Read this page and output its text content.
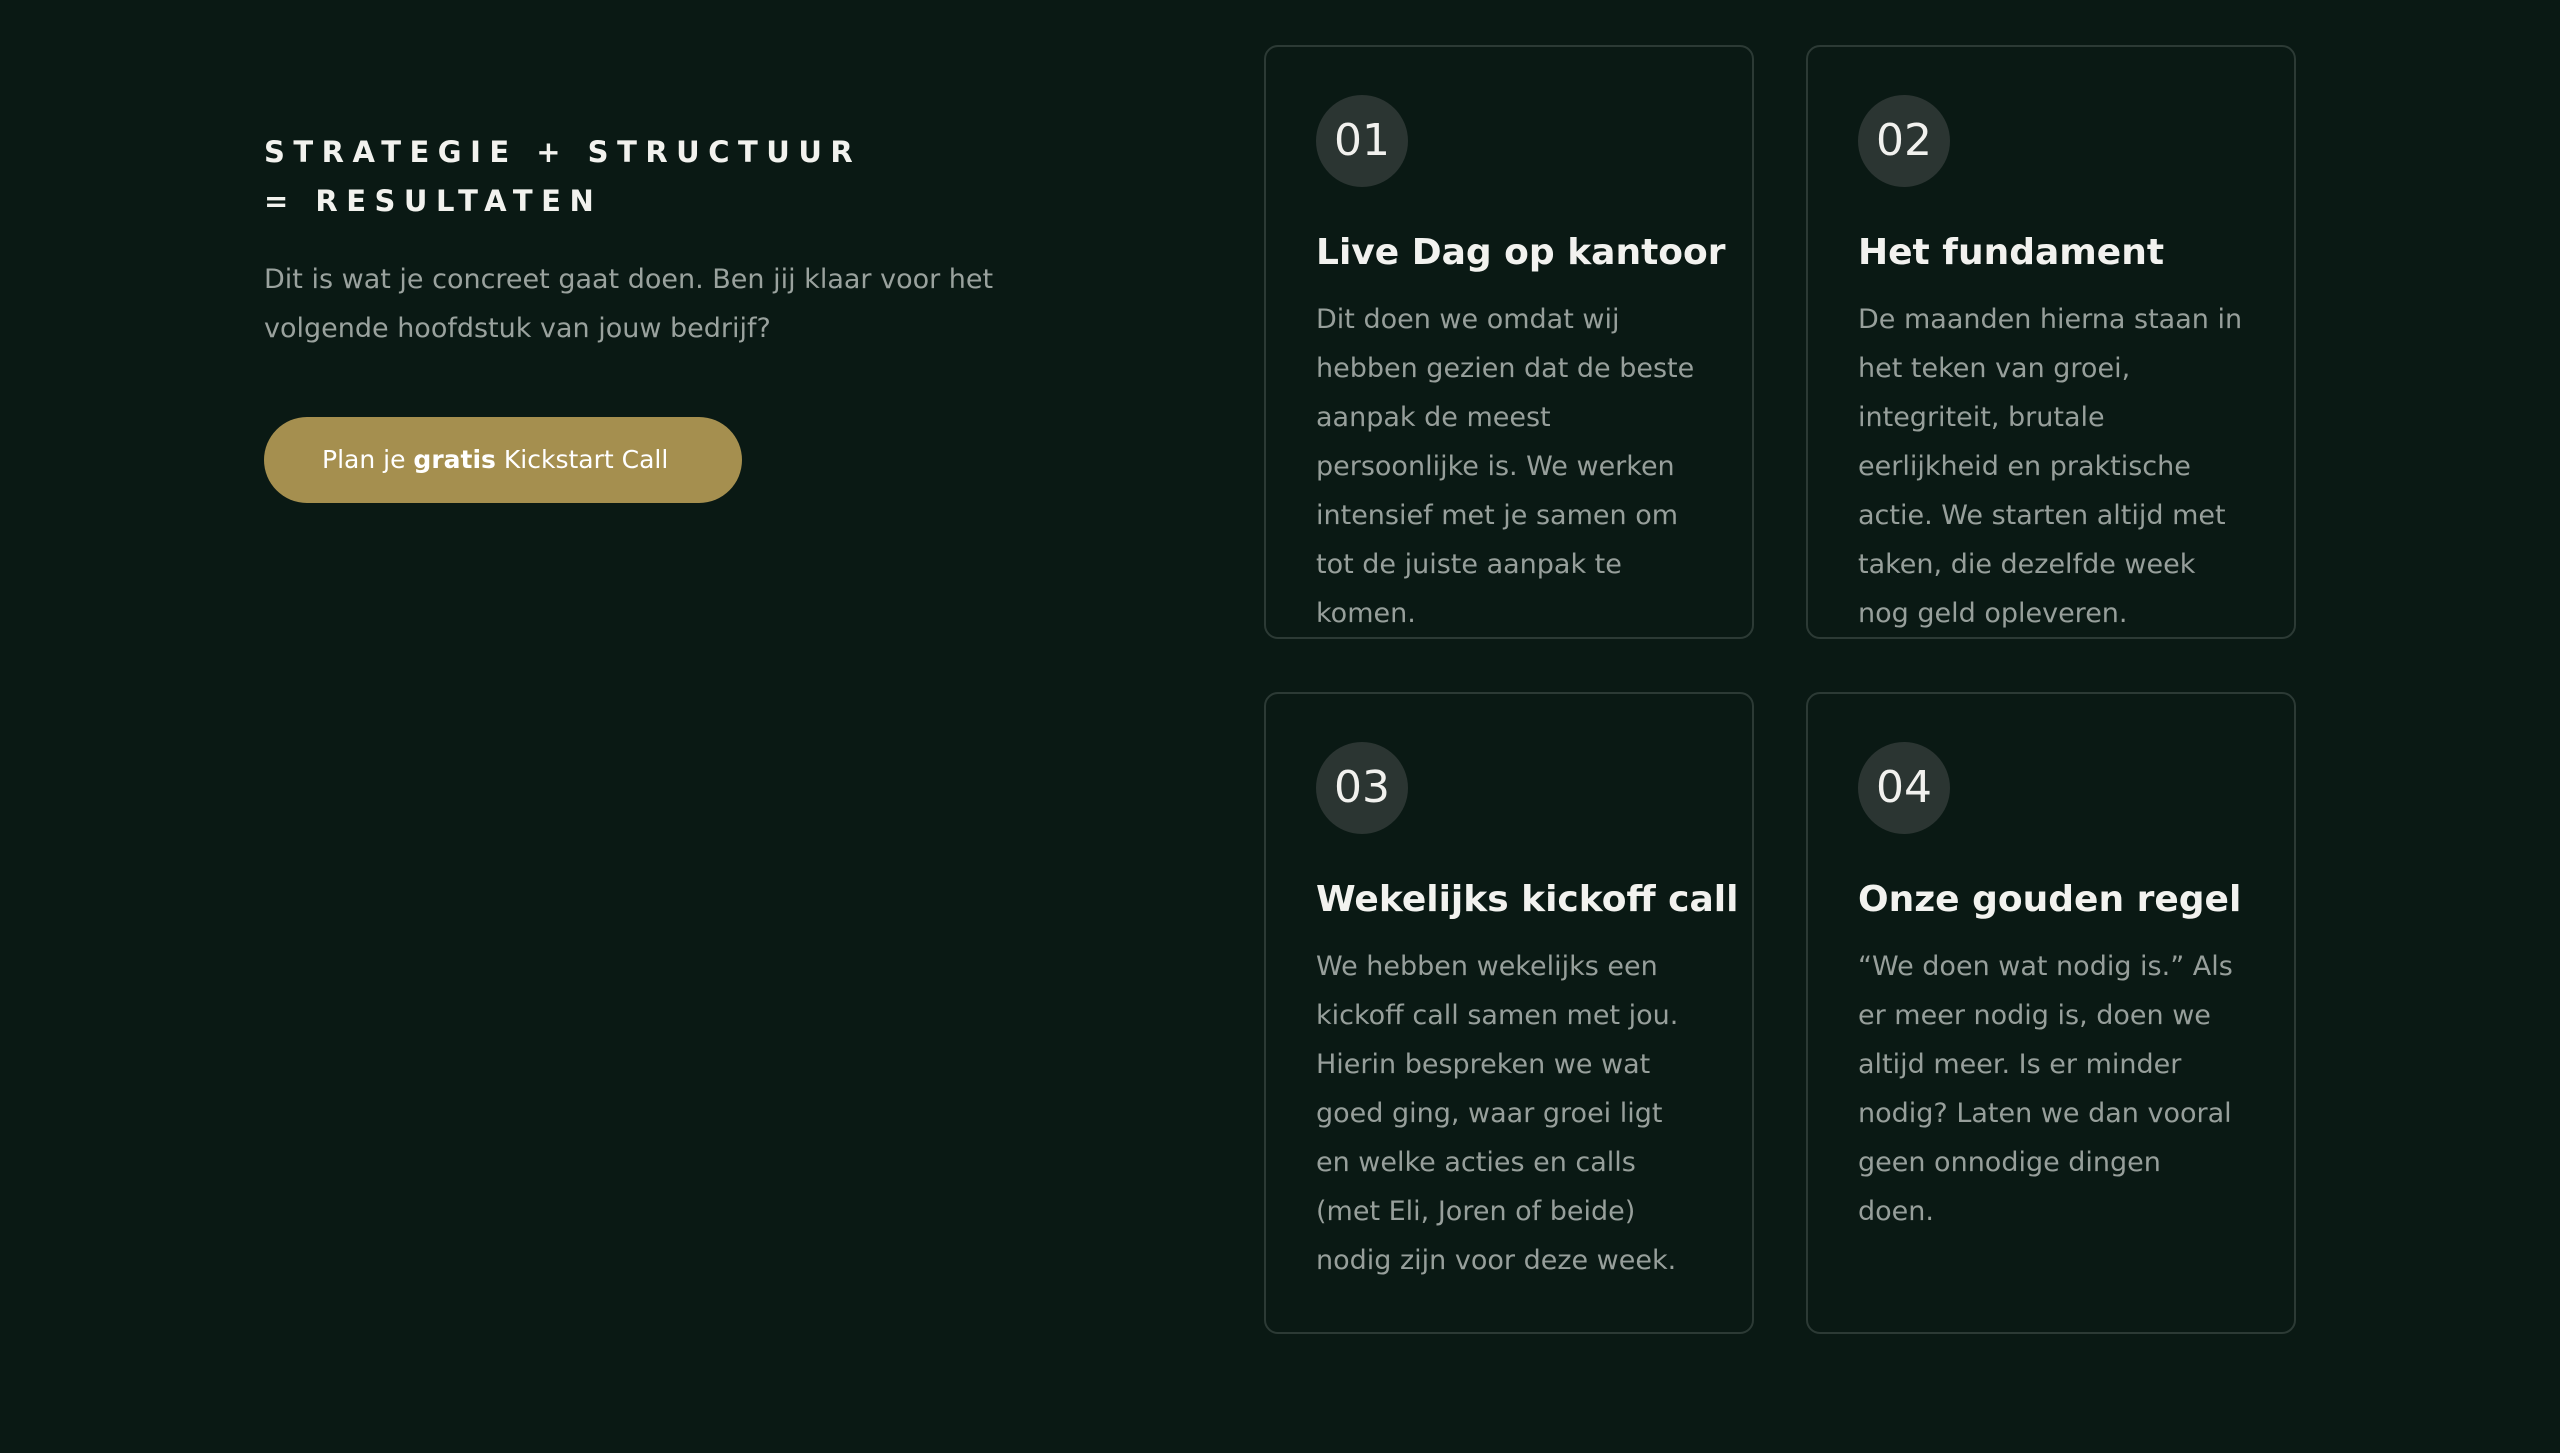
STRATEGIE + STRUCTUUR = RESULTATEN

Dit is wat je concreet gaat doen. Ben jij klaar voor het volgende hoofdstuk van jouw bedrijf?

Plan je gratis Kickstart Call
01
Live Dag op kantoor

Dit doen we omdat wij hebben gezien dat de beste aanpak de meest persoonlijke is. We werken intensief met je samen om tot de juiste aanpak te komen.

02
Het fundament

De maanden hierna staan in het teken van groei, integriteit, brutale eerlijkheid en praktische actie. We starten altijd met taken, die dezelfde week nog geld opleveren.

03
Wekelijks kickoff call

We hebben wekelijks een kickoff call samen met jou. Hierin bespreken we wat goed ging, waar groei ligt en welke acties en calls (met Eli, Joren of beide) nodig zijn voor deze week.

04
Onze gouden regel

“We doen wat nodig is.” Als er meer nodig is, doen we altijd meer. Is er minder nodig? Laten we dan vooral geen onnodige dingen doen.
